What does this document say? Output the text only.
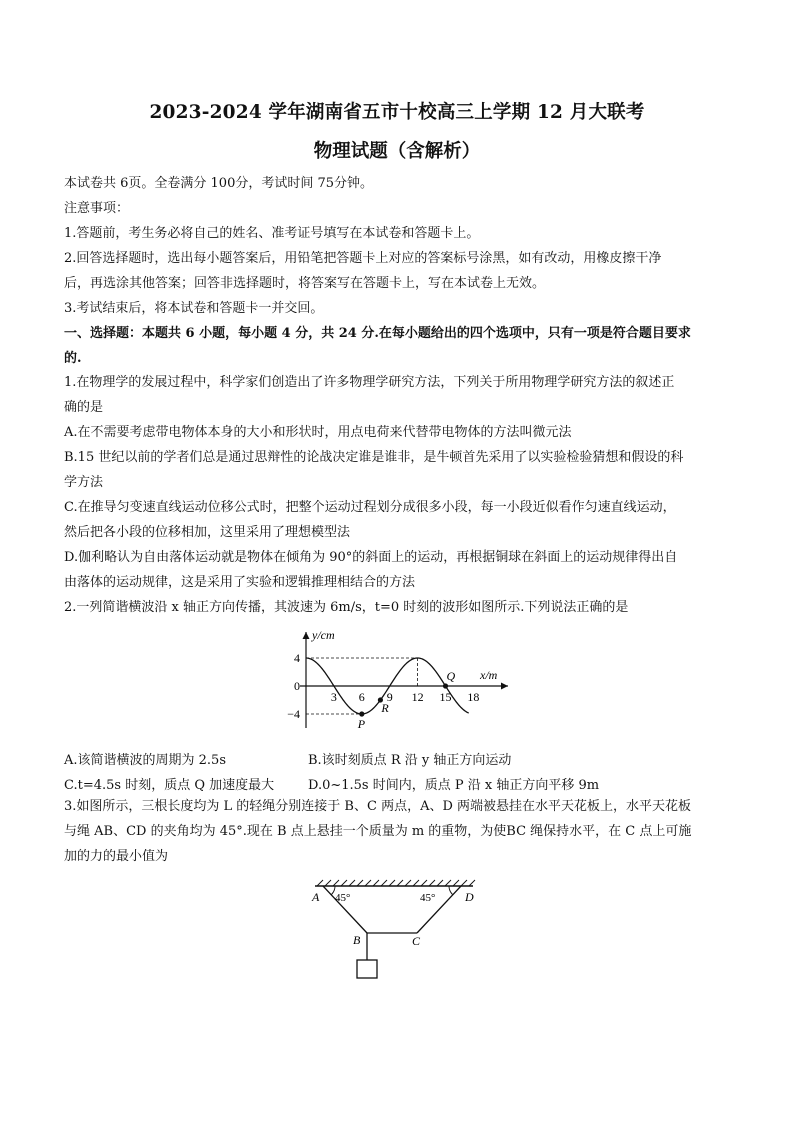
2023-2024 学年湖南省五市十校高三上学期 12 月大联考
物理试题（含解析）
本试卷共 6页。全卷满分 100分，考试时间 75分钟。
注意事项：
1.答题前，考生务必将自己的姓名、准考证号填写在本试卷和答题卡上。
2.回答选择题时，选出每小题答案后，用铅笔把答题卡上对应的答案标号涂黑，如有改动，用橡皮擦干净
后，再选涂其他答案；回答非选择题时，将答案写在答题卡上，写在本试卷上无效。
3.考试结束后，将本试卷和答题卡一并交回。
一、选择题：本题共 6 小题，每小题 4 分，共 24 分.在每小题给出的四个选项中，只有一项是符合题目要求
的.
1.在物理学的发展过程中，科学家们创造出了许多物理学研究方法，下列关于所用物理学研究方法的叙述正
确的是
A.在不需要考虑带电物体本身的大小和形状时，用点电荷来代替带电物体的方法叫微元法
B.15 世纪以前的学者们总是通过思辩性的论战决定谁是谁非，是牛顿首先采用了以实验检验猜想和假设的科
学方法
C.在推导匀变速直线运动位移公式时，把整个运动过程划分成很多小段，每一小段近似看作匀速直线运动，
然后把各小段的位移相加，这里采用了理想模型法
D.伽利略认为自由落体运动就是物体在倾角为 90°的斜面上的运动，再根据铜球在斜面上的运动规律得出自
由落体的运动规律，这是采用了实验和逻辑推理相结合的方法
2.一列简谐横波沿 x 轴正方向传播，其波速为 6m/s，t=0 时刻的波形如图所示.下列说法正确的是
y/cm
x/m
4
0
−4
3 6 9 12 15 18
P
R
Q
A.该简谐横波的周期为 2.5s	B.该时刻质点 R 沿 y 轴正方向运动
C.t=4.5s 时刻，质点 Q 加速度最大	D.0~1.5s 时间内，质点 P 沿 x 轴正方向平移 9m
3.如图所示，三根长度均为 L 的轻绳分别连接于 B、C 两点，A、D 两端被悬挂在水平天花板上，水平天花板
与绳 AB、CD 的夹角均为 45°.现在 B 点上悬挂一个质量为 m 的重物，为使BC 绳保持水平，在 C 点上可施
加的力的最小值为
A 45°	45° D
B	C
